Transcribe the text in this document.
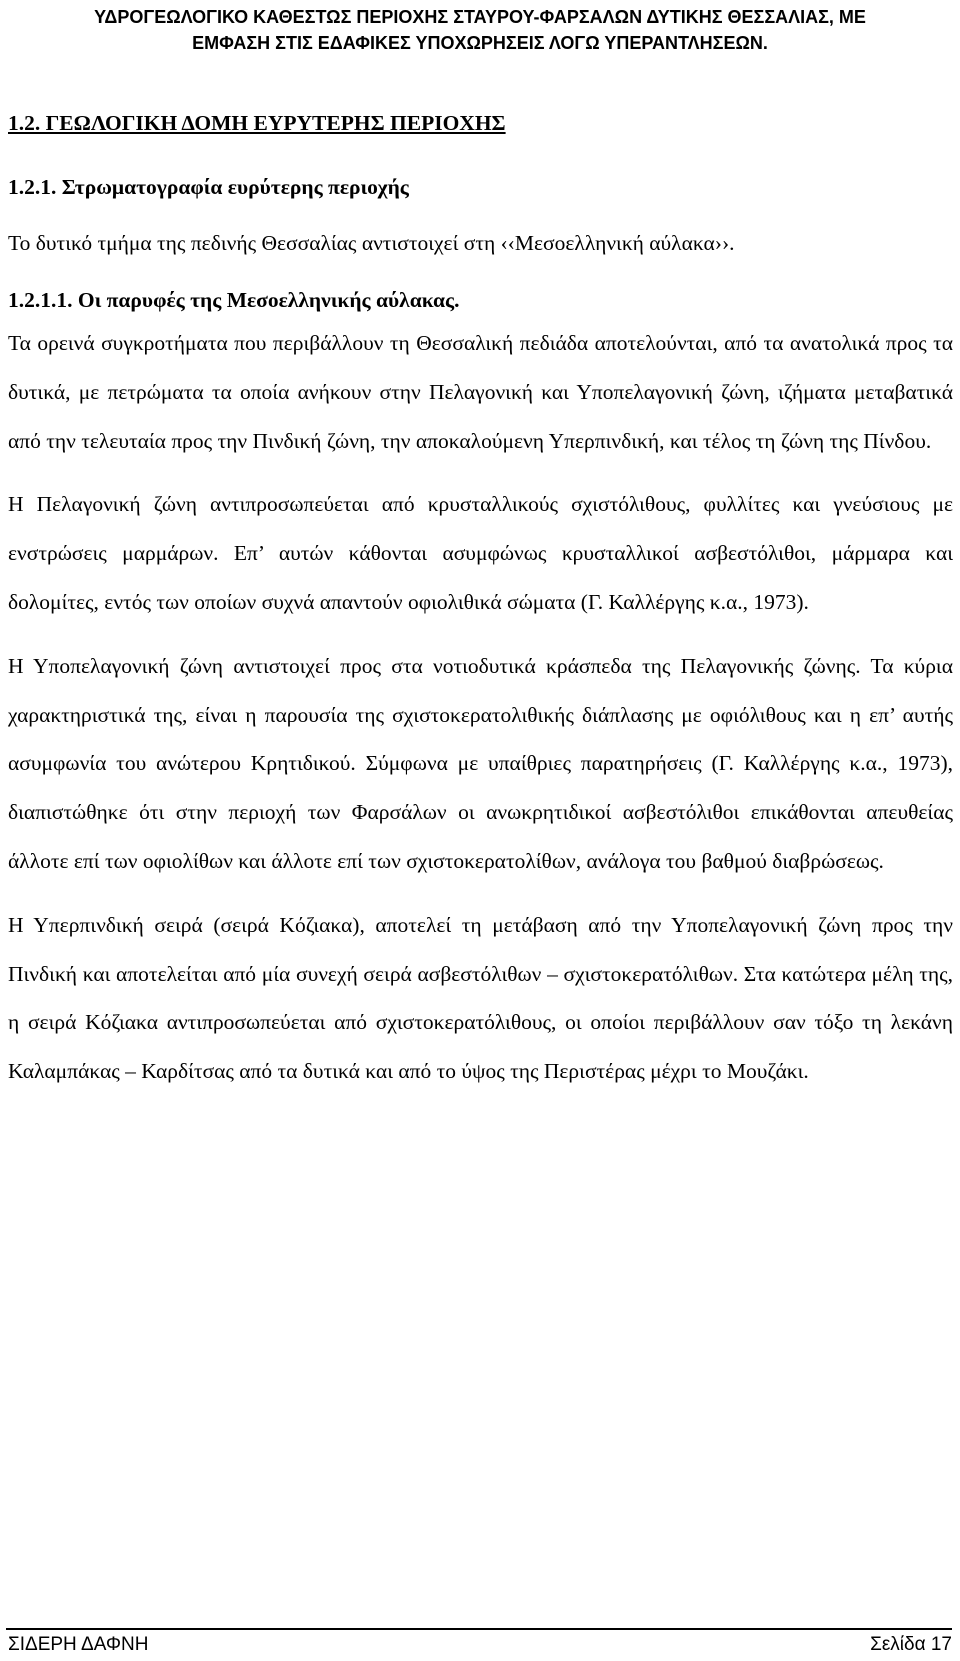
ΥΔΡΟΓΕΩΛΟΓΙΚΟ ΚΑΘΕΣΤΩΣ ΠΕΡΙΟΧΗΣ ΣΤΑΥΡΟΥ-ΦΑΡΣΑΛΩΝ ΔΥΤΙΚΗΣ ΘΕΣΣΑΛΙΑΣ, ΜΕ
ΕΜΦΑΣΗ ΣΤΙΣ ΕΔΑΦΙΚΕΣ ΥΠΟΧΩΡΗΣΕΙΣ ΛΟΓΩ ΥΠΕΡΑΝΤΛΗΣΕΩΝ.

1.2. ΓΕΩΛΟΓΙΚΗ ΔΟΜΗ ΕΥΡΥΤΕΡΗΣ ΠΕΡΙΟΧΗΣ

1.2.1. Στρωματογραφία ευρύτερης περιοχής

Το δυτικό τμήμα της πεδινής Θεσσαλίας αντιστοιχεί στη ‹‹Μεσοελληνική αύλακα››.

1.2.1.1. Οι παρυφές της Μεσοελληνικής αύλακας.

Τα ορεινά συγκροτήματα που περιβάλλουν τη Θεσσαλική πεδιάδα αποτελούνται, από τα ανατολικά προς τα δυτικά, με πετρώματα τα οποία ανήκουν στην Πελαγονική και Υποπελαγονική ζώνη, ιζήματα μεταβατικά από την τελευταία προς την Πινδική ζώνη, την αποκαλούμενη Υπερπινδική, και τέλος τη ζώνη της Πίνδου.

Η Πελαγονική ζώνη αντιπροσωπεύεται από κρυσταλλικούς σχιστόλιθους, φυλλίτες και γνεύσιους με ενστρώσεις μαρμάρων. Επ’ αυτών κάθονται ασυμφώνως κρυσταλλικοί ασβεστόλιθοι, μάρμαρα και δολομίτες, εντός των οποίων συχνά απαντούν οφιολιθικά σώματα (Γ. Καλλέργης κ.α., 1973).

Η Υποπελαγονική ζώνη αντιστοιχεί προς στα νοτιοδυτικά κράσπεδα της Πελαγονικής ζώνης. Τα κύρια χαρακτηριστικά της, είναι η παρουσία της σχιστοκερατολιθικής διάπλασης με οφιόλιθους και η επ’ αυτής ασυμφωνία του ανώτερου Κρητιδικού. Σύμφωνα με υπαίθριες παρατηρήσεις (Γ. Καλλέργης κ.α., 1973), διαπιστώθηκε ότι στην περιοχή των Φαρσάλων οι ανωκρητιδικοί ασβεστόλιθοι επικάθονται απευθείας άλλοτε επί των οφιολίθων και άλλοτε επί των σχιστοκερατολίθων, ανάλογα του βαθμού διαβρώσεως.

Η Υπερπινδική σειρά (σειρά Κόζιακα), αποτελεί τη μετάβαση από την Υποπελαγονική ζώνη προς την Πινδική και αποτελείται από μία συνεχή σειρά ασβεστόλιθων – σχιστοκερατόλιθων. Στα κατώτερα μέλη της, η σειρά Κόζιακα αντιπροσωπεύεται από σχιστοκερατόλιθους, οι οποίοι περιβάλλουν σαν τόξο τη λεκάνη Καλαμπάκας – Καρδίτσας από τα δυτικά και από το ύψος της Περιστέρας μέχρι το Μουζάκι.

ΣΙΔΕΡΗ ΔΑΦΝΗ	Σελίδα 17
